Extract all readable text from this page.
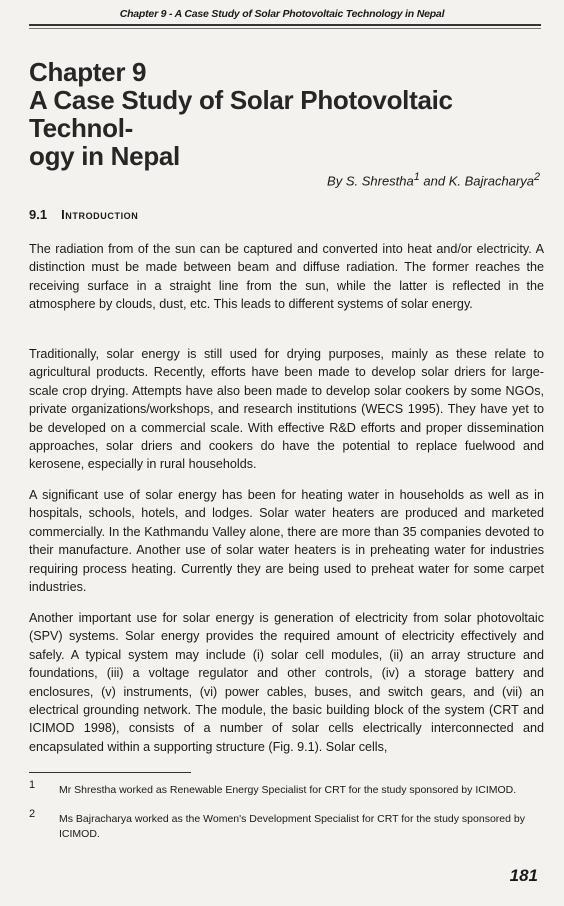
Chapter 9 - A Case Study of Solar Photovoltaic Technology in Nepal
Chapter 9
A Case Study of Solar Photovoltaic Technol-
ogy in Nepal
By S. Shrestha$^1$ and K. Bajracharya$^2$
9.1 Introduction
The radiation from of the sun can be captured and converted into heat and/or electricity. A distinction must be made between beam and diffuse radiation. The former reaches the receiving surface in a straight line from the sun, while the latter is reflected in the atmosphere by clouds, dust, etc. This leads to different systems of solar energy.
Traditionally, solar energy is still used for drying purposes, mainly as these relate to agricultural products. Recently, efforts have been made to develop solar driers for large-scale crop drying. Attempts have also been made to develop solar cookers by some NGOs, private organizations/workshops, and research institutions (WECS 1995). They have yet to be developed on a commercial scale. With effective R&D efforts and proper dissemination approaches, solar driers and cookers do have the potential to replace fuelwood and kerosene, especially in rural households.
A significant use of solar energy has been for heating water in households as well as in hospitals, schools, hotels, and lodges. Solar water heaters are produced and marketed commercially. In the Kathmandu Valley alone, there are more than 35 companies devoted to their manufacture. Another use of solar water heaters is in preheating water for industries requiring process heating. Currently they are being used to preheat water for some carpet industries.
Another important use for solar energy is generation of electricity from solar photovoltaic (SPV) systems. Solar energy provides the required amount of electricity effectively and safely. A typical system may include (i) solar cell modules, (ii) an array structure and foundations, (iii) a voltage regulator and other controls, (iv) a storage battery and enclosures, (v) instruments, (vi) power cables, buses, and switch gears, and (vii) an electrical grounding network. The module, the basic building block of the system (CRT and ICIMOD 1998), consists of a number of solar cells electrically interconnected and encapsulated within a supporting structure (Fig. 9.1). Solar cells,
1 Mr Shrestha worked as Renewable Energy Specialist for CRT for the study sponsored by ICIMOD.
2 Ms Bajracharya worked as the Women's Development Specialist for CRT for the study sponsored by ICIMOD.
181
